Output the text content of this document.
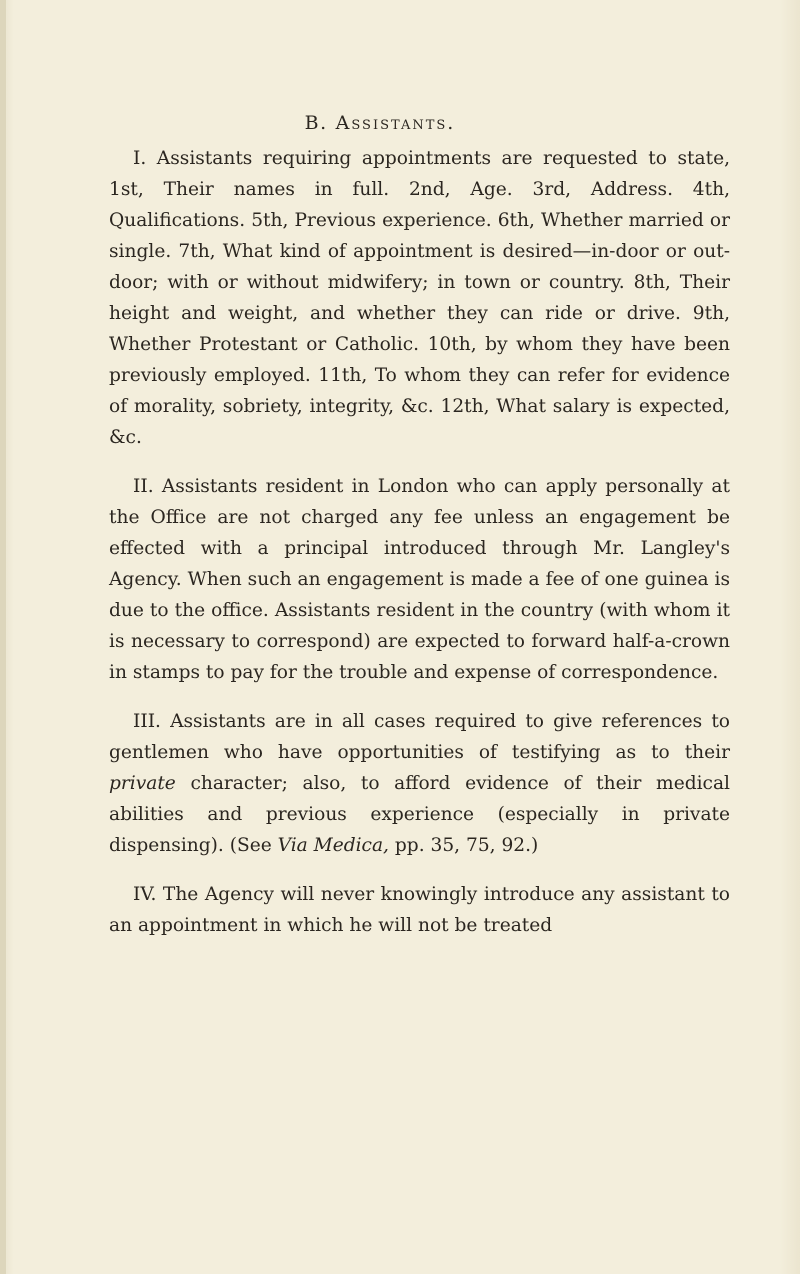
B. Assistants.

I. Assistants requiring appointments are requested to state, 1st, Their names in full. 2nd, Age. 3rd, Address. 4th, Qualifications. 5th, Previous experience. 6th, Whether married or single. 7th, What kind of appointment is desired—in-door or out-door; with or without midwifery; in town or country. 8th, Their height and weight, and whether they can ride or drive. 9th, Whether Protestant or Catholic. 10th, by whom they have been previously employed. 11th, To whom they can refer for evidence of morality, sobriety, integrity, &c. 12th, What salary is expected, &c.

II. Assistants resident in London who can apply personally at the Office are not charged any fee unless an engagement be effected with a principal introduced through Mr. Langley's Agency. When such an engagement is made a fee of one guinea is due to the office. Assistants resident in the country (with whom it is necessary to correspond) are expected to forward half-a-crown in stamps to pay for the trouble and expense of correspondence.

III. Assistants are in all cases required to give references to gentlemen who have opportunities of testifying as to their private character; also, to afford evidence of their medical abilities and previous experience (especially in private dispensing). (See Via Medica, pp. 35, 75, 92.)

IV. The Agency will never knowingly introduce any assistant to an appointment in which he will not be treated
